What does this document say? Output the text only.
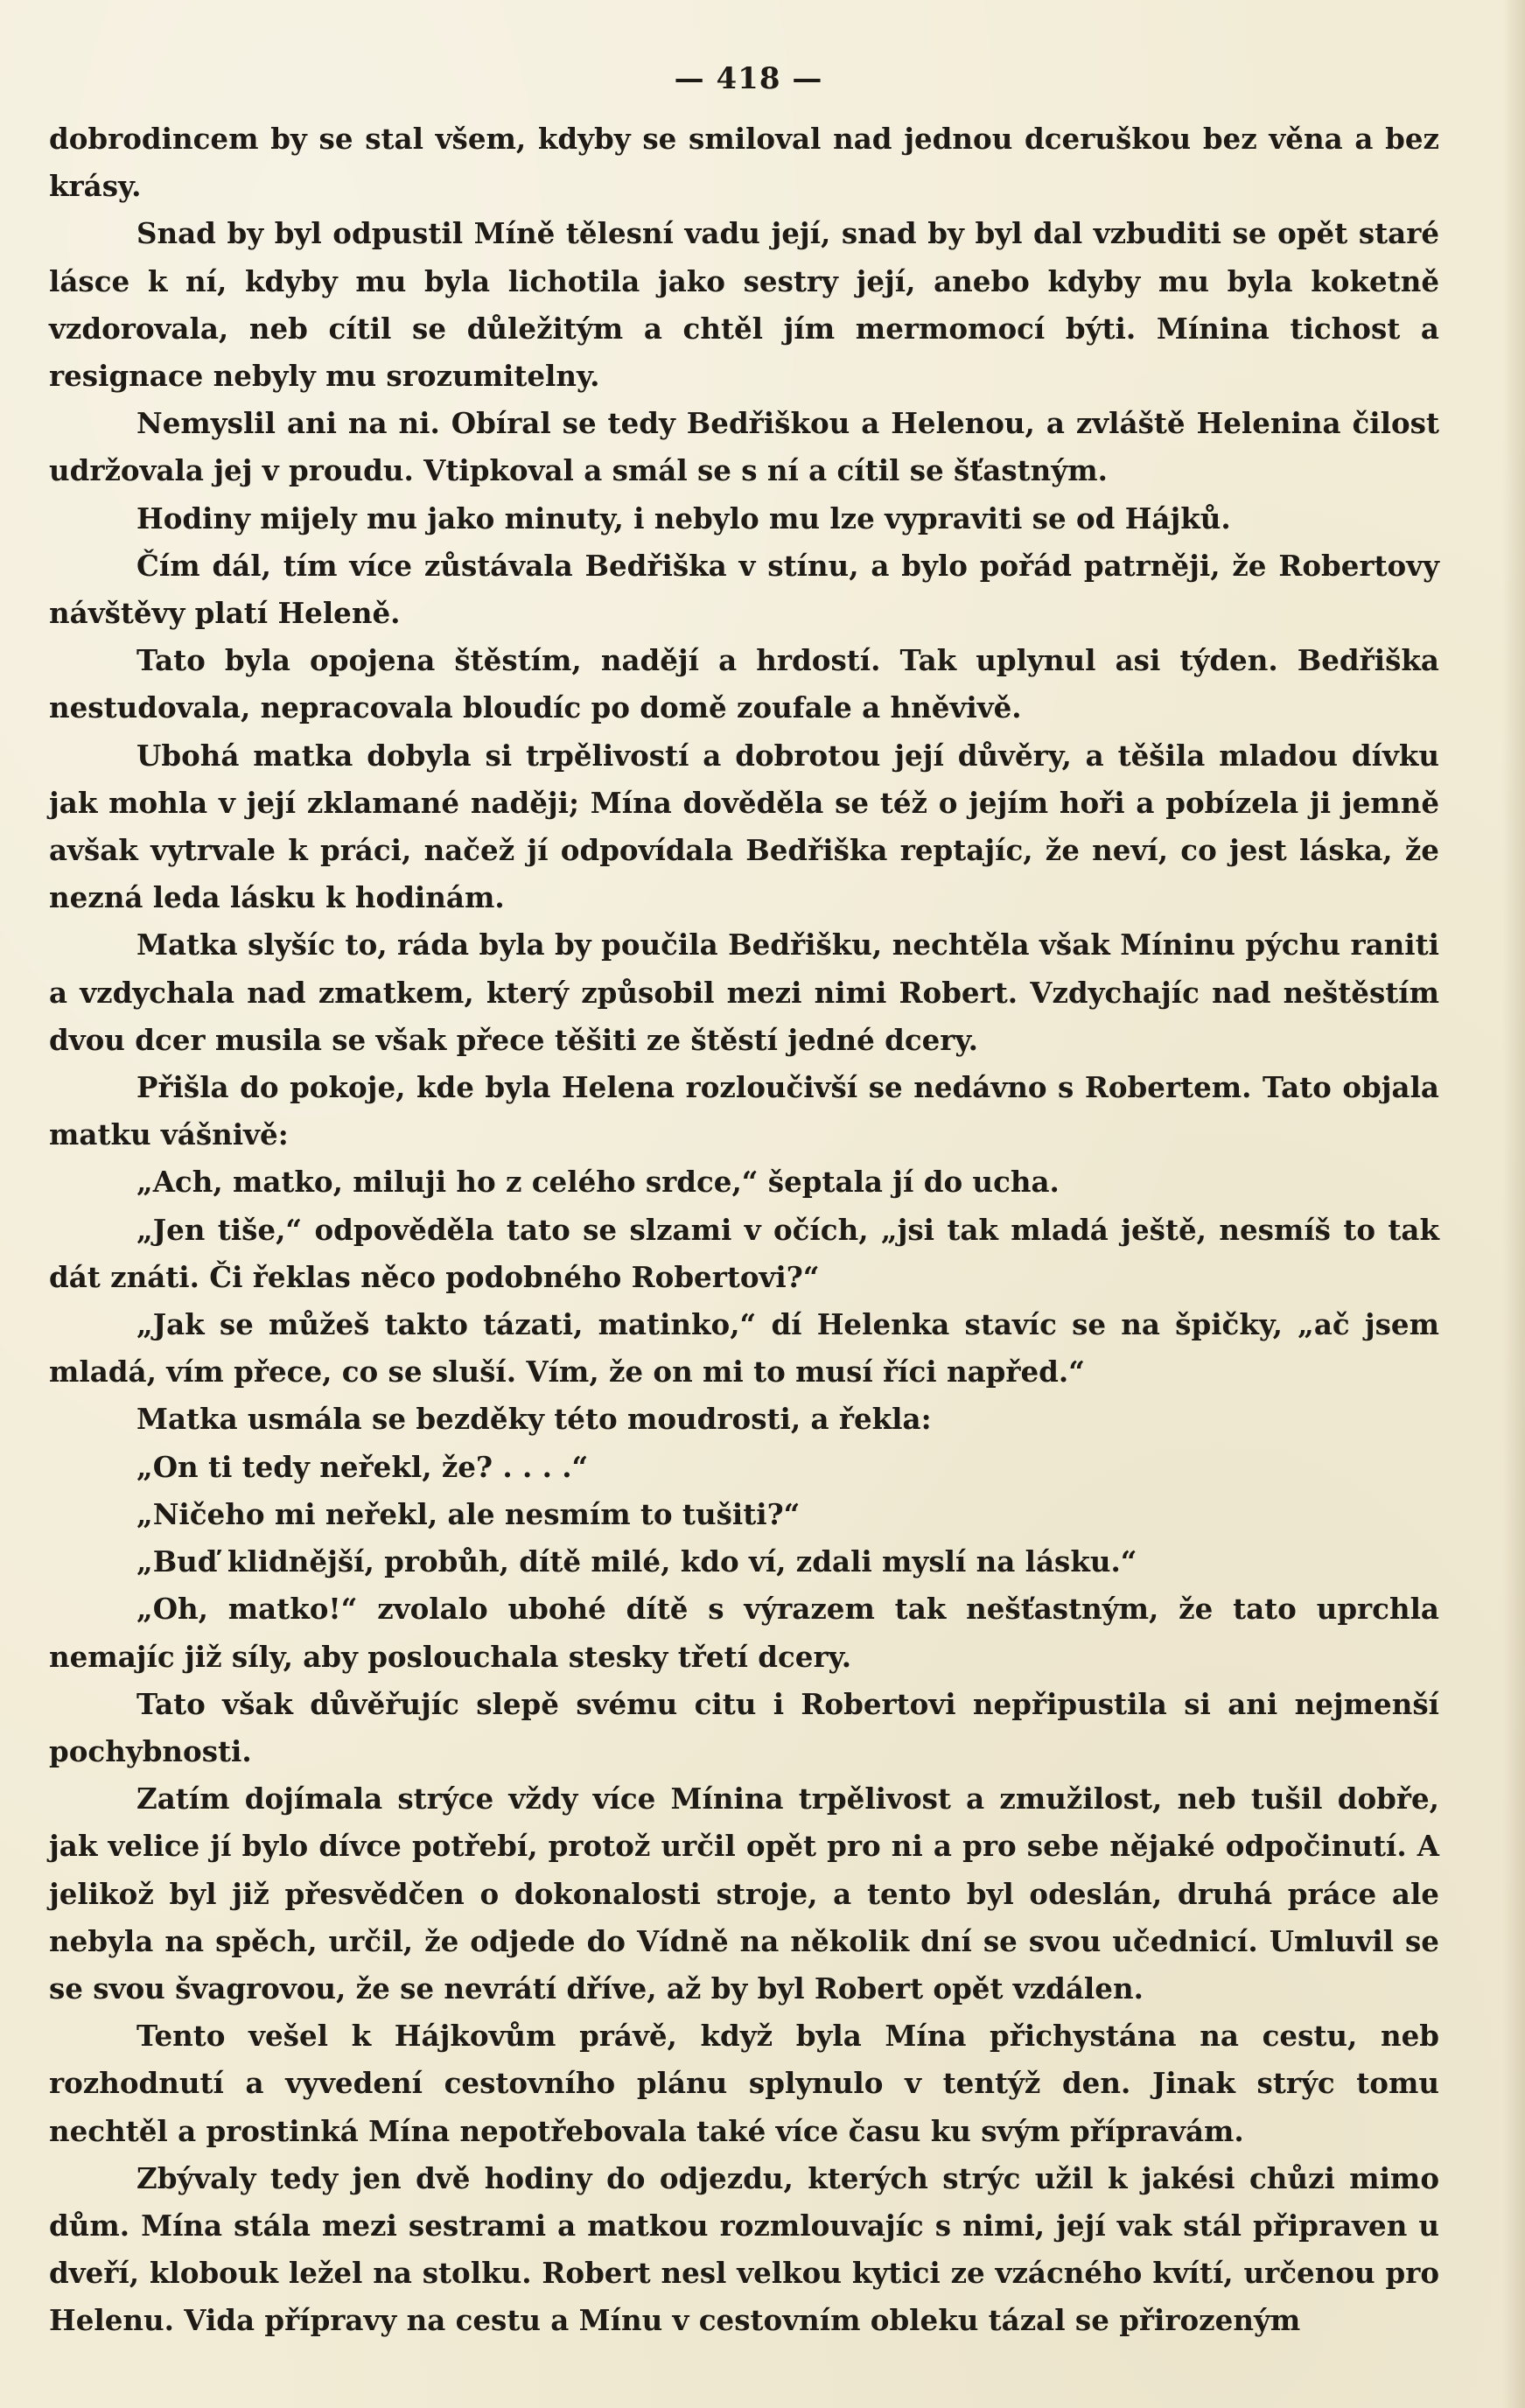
— 418 —

dobrodincem by se stal všem, kdyby se smiloval nad jednou dceruškou bez věna a bez krásy.

Snad by byl odpustil Míně tělesní vadu její, snad by byl dal vzbuditi se opět staré lásce k ní, kdyby mu byla lichotila jako sestry její, anebo kdyby mu byla koketně vzdorovala, neb cítil se důležitým a chtěl jím mermomocí býti. Mínina tichost a resignace nebyly mu srozumitelny.

Nemyslil ani na ni. Obíral se tedy Bedřiškou a Helenou, a zvláště Helenina čilost udržovala jej v proudu. Vtipkoval a smál se s ní a cítil se šťastným.

Hodiny mijely mu jako minuty, i nebylo mu lze vypraviti se od Hájků.

Čím dál, tím více zůstávala Bedřiška v stínu, a bylo pořád patrněji, že Robertovy návštěvy platí Heleně.

Tato byla opojena štěstím, nadějí a hrdostí. Tak uplynul asi týden. Bedřiška nestudovala, nepracovala bloudíc po domě zoufale a hněvivě.

Ubohá matka dobyla si trpělivostí a dobrotou její důvěry, a těšila mladou dívku jak mohla v její zklamané naději; Mína dověděla se též o jejím hoři a pobízela ji jemně avšak vytrvale k práci, načež jí odpovídala Bedřiška reptajíc, že neví, co jest láska, že nezná leda lásku k hodinám.

Matka slyšíc to, ráda byla by poučila Bedřišku, nechtěla však Míninu pýchu raniti a vzdychala nad zmatkem, který způsobil mezi nimi Robert. Vzdychajíc nad neštěstím dvou dcer musila se však přece těšiti ze štěstí jedné dcery.

Přišla do pokoje, kde byla Helena rozloučivší se nedávno s Robertem. Tato objala matku vášnivě:

„Ach, matko, miluji ho z celého srdce,“ šeptala jí do ucha.

„Jen tiše,“ odpověděla tato se slzami v očích, „jsi tak mladá ještě, nesmíš to tak dát znáti. Či řeklas něco podobného Robertovi?“

„Jak se můžeš takto tázati, matinko,“ dí Helenka stavíc se na špičky, „ač jsem mladá, vím přece, co se sluší. Vím, že on mi to musí říci napřed.“

Matka usmála se bezděky této moudrosti, a řekla:

„On ti tedy neřekl, že? . . . .“

„Ničeho mi neřekl, ale nesmím to tušiti?“

„Buď klidnější, probůh, dítě milé, kdo ví, zdali myslí na lásku.“

„Oh, matko!“ zvolalo ubohé dítě s výrazem tak nešťastným, že tato uprchla nemajíc již síly, aby poslouchala stesky třetí dcery.

Tato však důvěřujíc slepě svému citu i Robertovi nepřipustila si ani nejmenší pochybnosti.

Zatím dojímala strýce vždy více Mínina trpělivost a zmužilost, neb tušil dobře, jak velice jí bylo dívce potřebí, protož určil opět pro ni a pro sebe nějaké odpočinutí. A jelikož byl již přesvědčen o dokonalosti stroje, a tento byl odeslán, druhá práce ale nebyla na spěch, určil, že odjede do Vídně na několik dní se svou učednicí. Umluvil se se svou švagrovou, že se nevrátí dříve, až by byl Robert opět vzdálen.

Tento vešel k Hájkovům právě, když byla Mína přichystána na cestu, neb rozhodnutí a vyvedení cestovního plánu splynulo v tentýž den. Jinak strýc tomu nechtěl a prostinká Mína nepotřebovala také více času ku svým přípravám.

Zbývaly tedy jen dvě hodiny do odjezdu, kterých strýc užil k jakési chůzi mimo dům. Mína stála mezi sestrami a matkou rozmlouvajíc s nimi, její vak stál připraven u dveří, klobouk ležel na stolku. Robert nesl velkou kytici ze vzácného kvítí, určenou pro Helenu. Vida přípravy na cestu a Mínu v cestovním obleku tázal se přirozeným
